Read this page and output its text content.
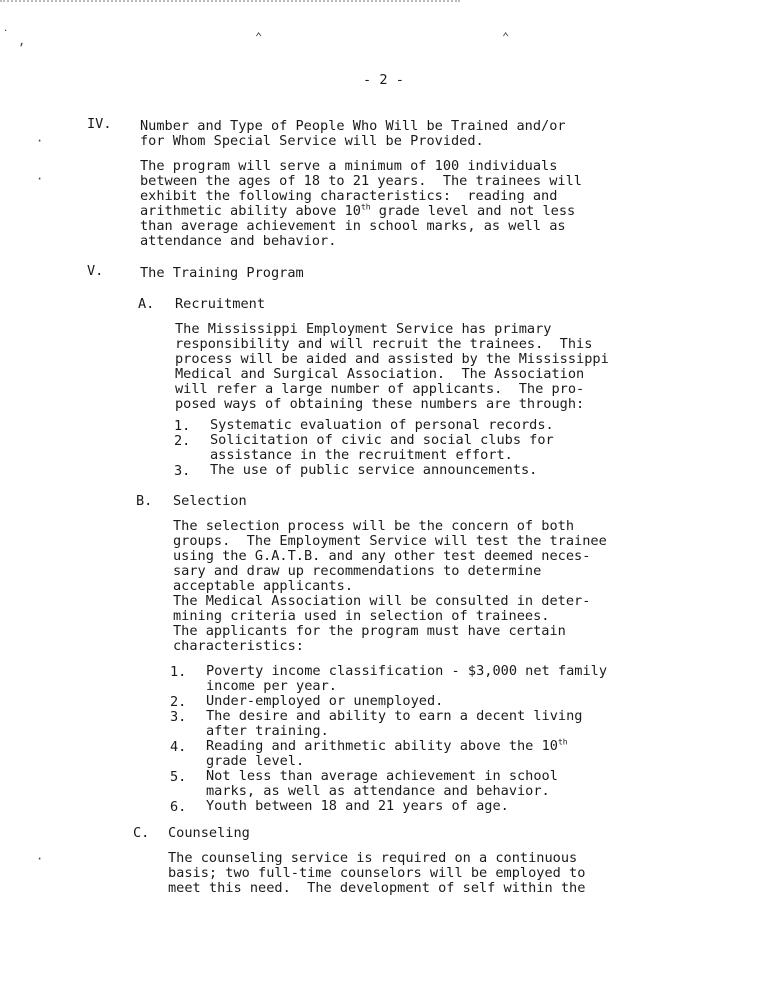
˙ ,	⌃	⌃
·
·
·
- 2 -
IV. Number and Type of People Who Will be Trained and/or
for Whom Special Service will be Provided.
The program will serve a minimum of 100 individuals
between the ages of 18 to 21 years.  The trainees will
exhibit the following characteristics:  reading and
arithmetic ability above 10th grade level and not less
than average achievement in school marks, as well as
attendance and behavior.
V.	The Training Program
A. Recruitment
The Mississippi Employment Service has primary
responsibility and will recruit the trainees.  This
process will be aided and assisted by the Mississippi
Medical and Surgical Association.  The Association
will refer a large number of applicants.  The pro-
posed ways of obtaining these numbers are through:
1. Systematic evaluation of personal records.
2. Solicitation of civic and social clubs for
assistance in the recruitment effort.
3. The use of public service announcements.
B. Selection
The selection process will be the concern of both
groups.  The Employment Service will test the trainee
using the G.A.T.B. and any other test deemed neces-
sary and draw up recommendations to determine
acceptable applicants.
The Medical Association will be consulted in deter-
mining criteria used in selection of trainees.
The applicants for the program must have certain
characteristics:
1. Poverty income classification - $3,000 net family
income per year.
2. Under-employed or unemployed.
3. The desire and ability to earn a decent living
after training.
4. Reading and arithmetic ability above the 10th
grade level.
5. Not less than average achievement in school
marks, as well as attendance and behavior.
6. Youth between 18 and 21 years of age.
C. Counseling
The counseling service is required on a continuous
basis; two full-time counselors will be employed to
meet this need.  The development of self within the
